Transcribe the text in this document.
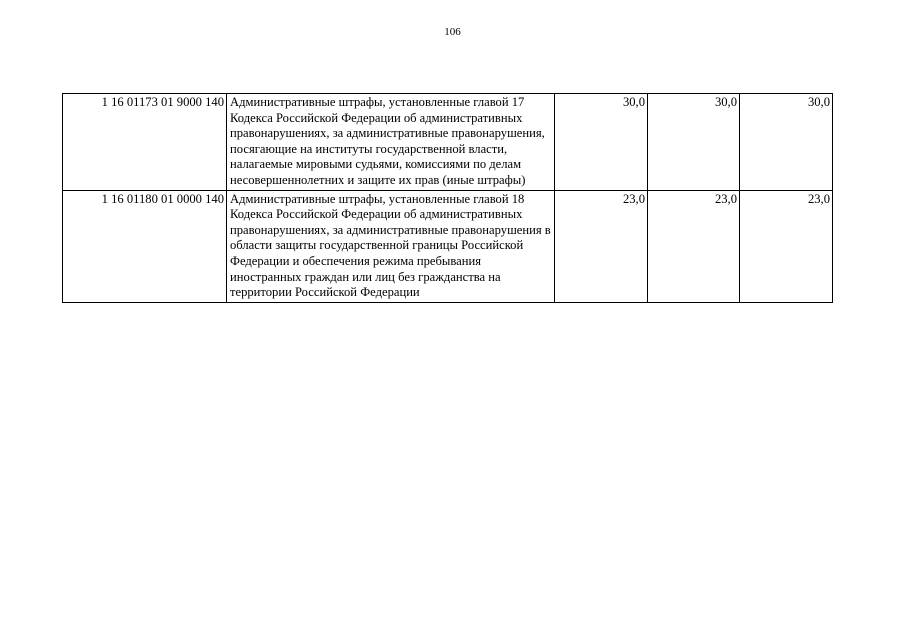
106
1 16 01173 01 9000 140	Административные штрафы, установленные главой 17 Кодекса Российской Федерации об административных правонарушениях, за административные правонарушения, посягающие на институты государственной власти, налагаемые мировыми судьями, комиссиями по делам несовершеннолетних и защите их прав (иные штрафы)	30,0	30,0	30,0
1 16 01180 01 0000 140	Административные штрафы, установленные главой 18 Кодекса Российской Федерации об административных правонарушениях, за административные правонарушения в области защиты государственной границы Российской Федерации и обеспечения режима пребывания иностранных граждан или лиц без гражданства на территории Российской Федерации	23,0	23,0	23,0
